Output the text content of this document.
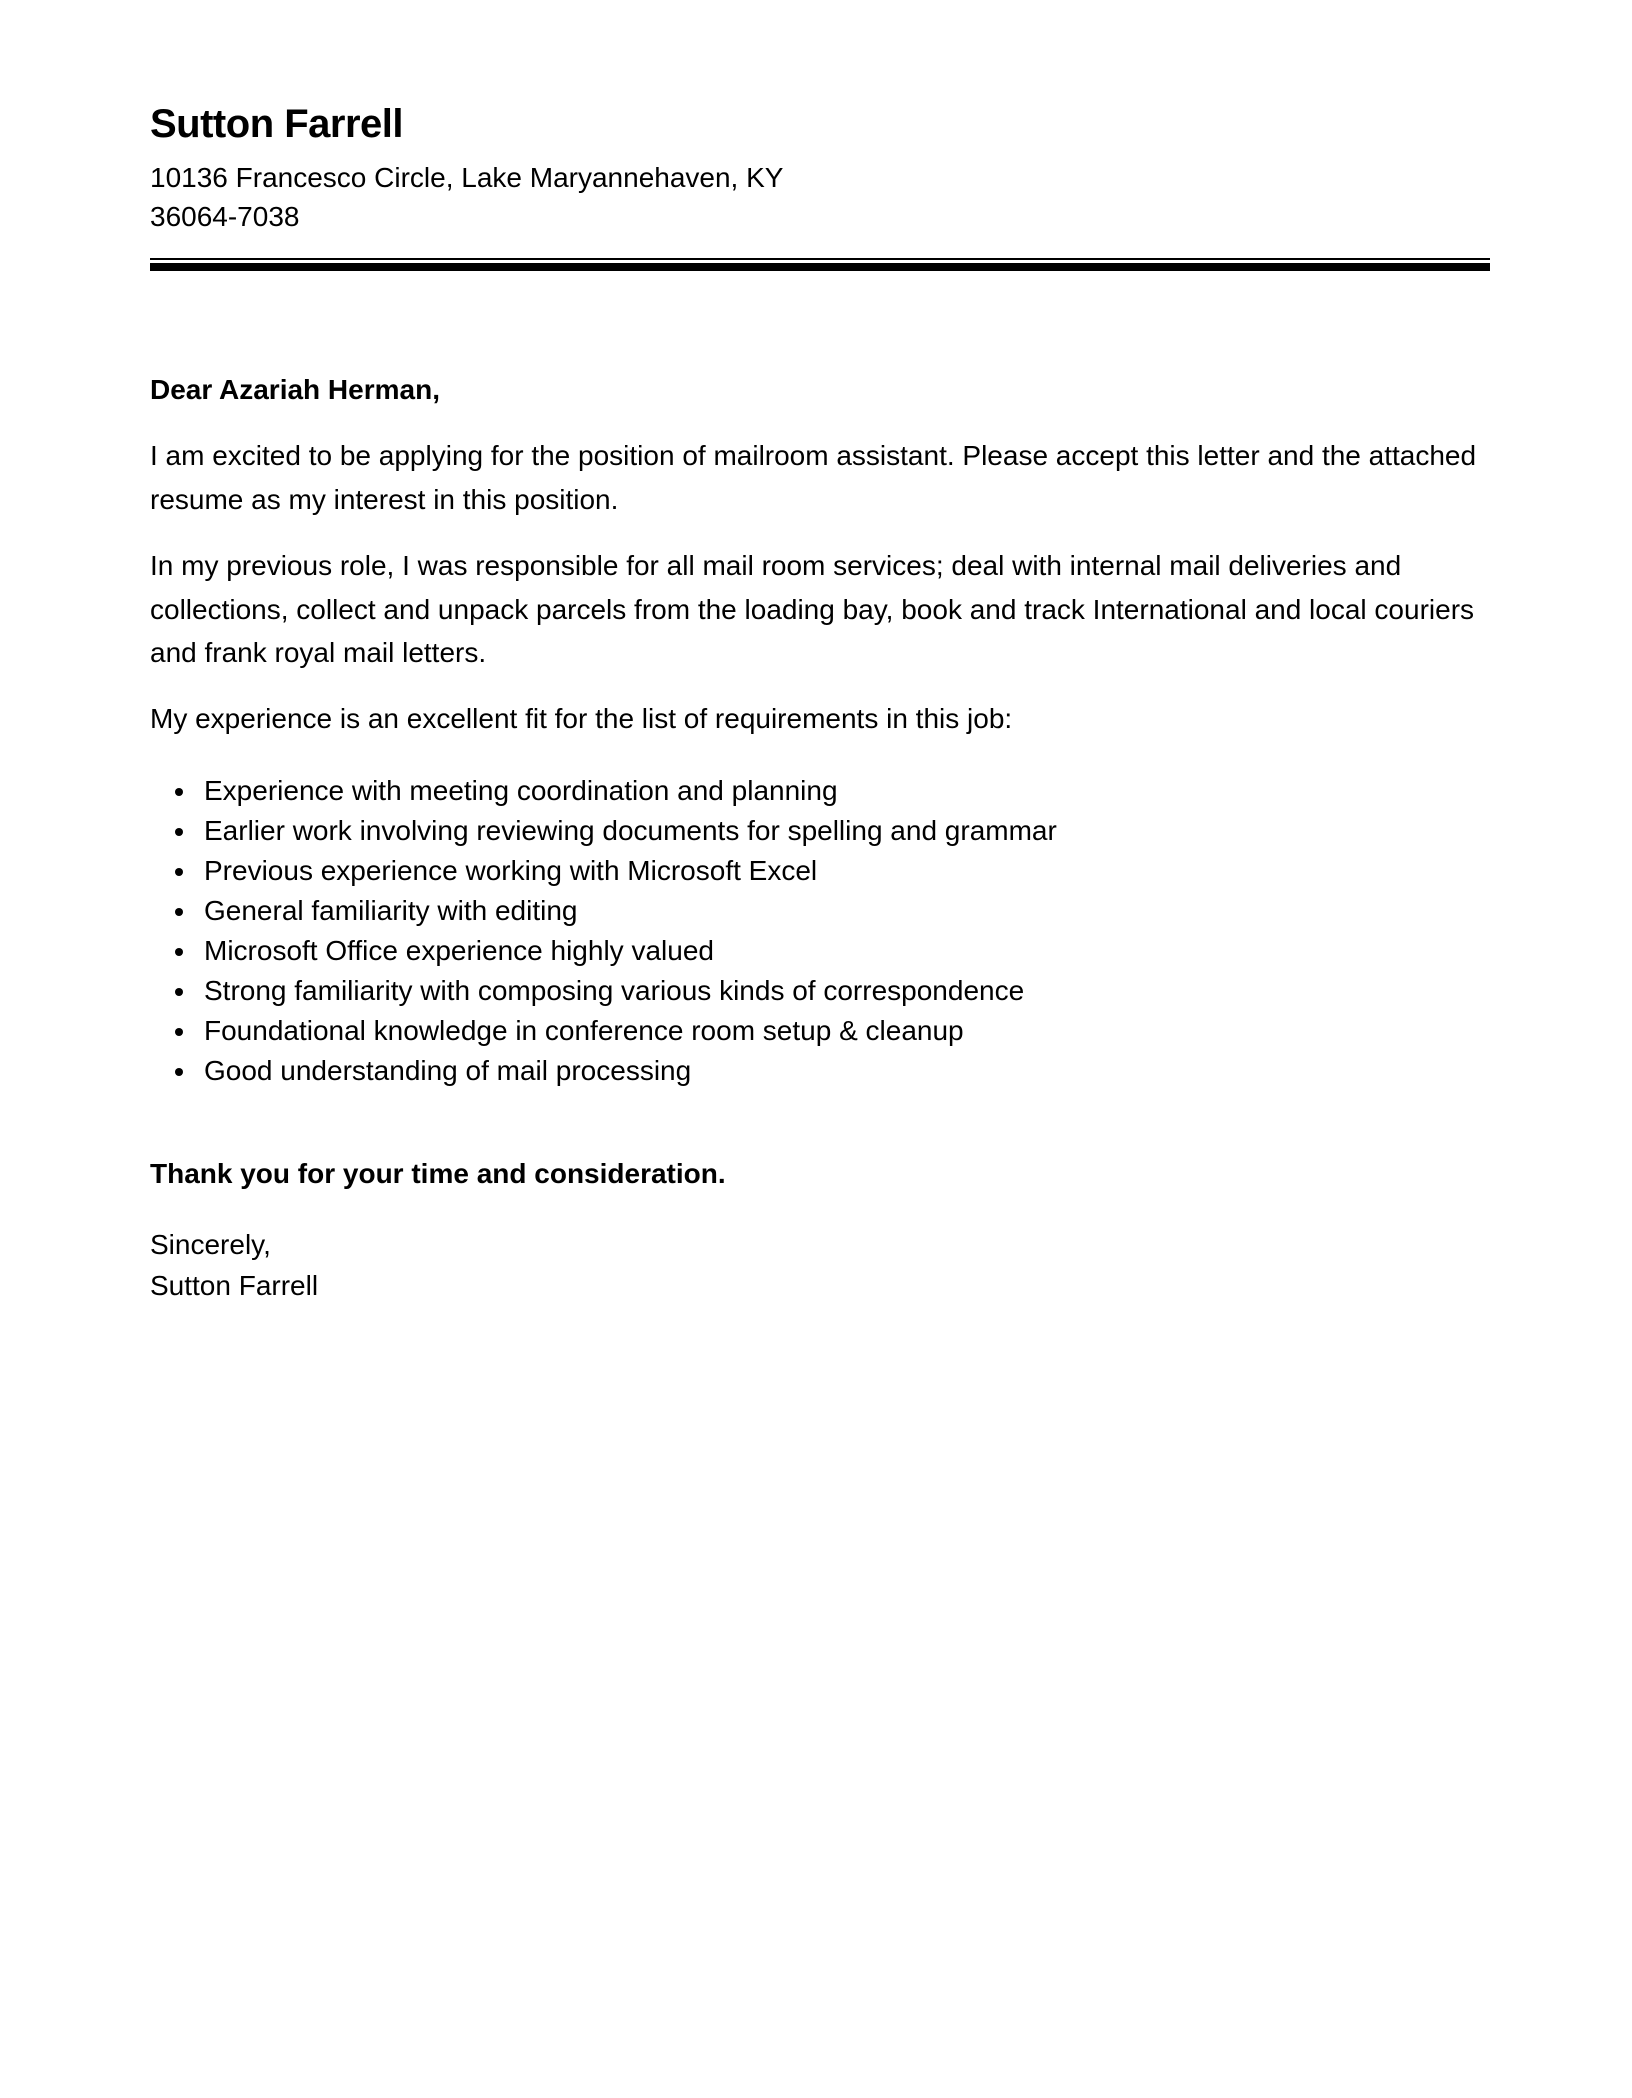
Sutton Farrell
10136 Francesco Circle, Lake Maryannehaven, KY
36064-7038

Dear Azariah Herman,

I am excited to be applying for the position of mailroom assistant. Please accept this letter and the attached resume as my interest in this position.

In my previous role, I was responsible for all mail room services; deal with internal mail deliveries and collections, collect and unpack parcels from the loading bay, book and track International and local couriers and frank royal mail letters.

My experience is an excellent fit for the list of requirements in this job:

• Experience with meeting coordination and planning
• Earlier work involving reviewing documents for spelling and grammar
• Previous experience working with Microsoft Excel
• General familiarity with editing
• Microsoft Office experience highly valued
• Strong familiarity with composing various kinds of correspondence
• Foundational knowledge in conference room setup & cleanup
• Good understanding of mail processing

Thank you for your time and consideration.

Sincerely,
Sutton Farrell
